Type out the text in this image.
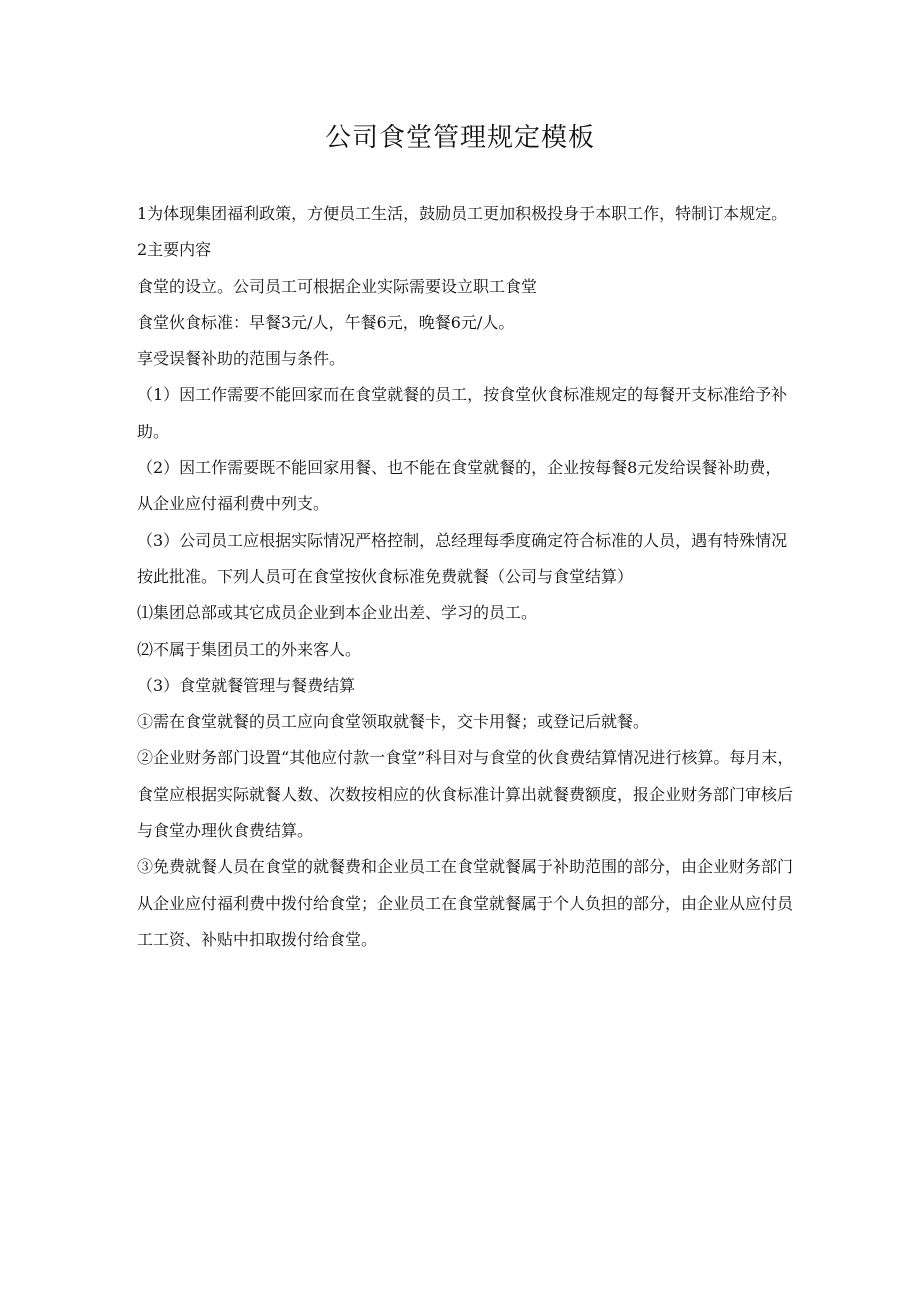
公司食堂管理规定模板

1为体现集团福利政策，方便员工生活，鼓励员工更加积极投身于本职工作，特制订本规定。

2主要内容

食堂的设立。公司员工可根据企业实际需要设立职工食堂

食堂伙食标准：早餐3元/人，午餐6元，晚餐6元/人。

享受误餐补助的范围与条件。

（1）因工作需要不能回家而在食堂就餐的员工，按食堂伙食标准规定的每餐开支标准给予补助。

（2）因工作需要既不能回家用餐、也不能在食堂就餐的，企业按每餐8元发给误餐补助费，从企业应付福利费中列支。

（3）公司员工应根据实际情况严格控制，总经理每季度确定符合标准的人员，遇有特殊情况按此批准。下列人员可在食堂按伙食标准免费就餐（公司与食堂结算）

⑴集团总部或其它成员企业到本企业出差、学习的员工。

⑵不属于集团员工的外来客人。

（3）食堂就餐管理与餐费结算

①需在食堂就餐的员工应向食堂领取就餐卡，交卡用餐；或登记后就餐。

②企业财务部门设置“其他应付款一食堂”科目对与食堂的伙食费结算情况进行核算。每月末，食堂应根据实际就餐人数、次数按相应的伙食标准计算出就餐费额度，报企业财务部门审核后与食堂办理伙食费结算。

③免费就餐人员在食堂的就餐费和企业员工在食堂就餐属于补助范围的部分，由企业财务部门从企业应付福利费中拨付给食堂；企业员工在食堂就餐属于个人负担的部分，由企业从应付员工工资、补贴中扣取拨付给食堂。
